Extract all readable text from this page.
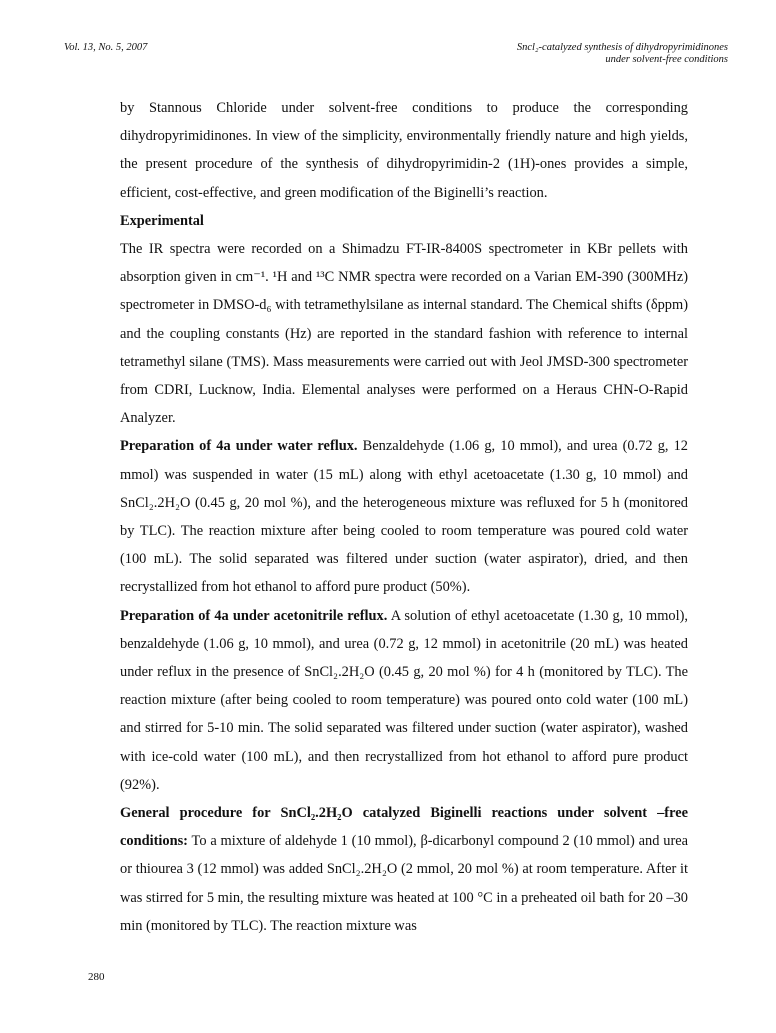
Vol. 13, No. 5, 2007	Sncl₂-catalyzed synthesis of dihydropyrimidinones
under solvent-free conditions

by Stannous Chloride under solvent-free conditions to produce the corresponding dihydropyrimidinones. In view of the simplicity, environmentally friendly nature and high yields, the present procedure of the synthesis of dihydropyrimidin-2 (1H)-ones provides a simple, efficient, cost-effective, and green modification of the Biginelli’s reaction.

Experimental

The IR spectra were recorded on a Shimadzu FT-IR-8400S spectrometer in KBr pellets with absorption given in cm⁻¹. ¹H and ¹³C NMR spectra were recorded on a Varian EM-390 (300MHz) spectrometer in DMSO-d₆ with tetramethylsilane as internal standard. The Chemical shifts (δppm) and the coupling constants (Hz) are reported in the standard fashion with reference to internal tetramethyl silane (TMS). Mass measurements were carried out with Jeol JMSD-300 spectrometer from CDRI, Lucknow, India. Elemental analyses were performed on a Heraus CHN-O-Rapid Analyzer.

Preparation of 4a under water reflux. Benzaldehyde (1.06 g, 10 mmol), and urea (0.72 g, 12 mmol) was suspended in water (15 mL) along with ethyl acetoacetate (1.30 g, 10 mmol) and SnCl₂.2H₂O (0.45 g, 20 mol %), and the heterogeneous mixture was refluxed for 5 h (monitored by TLC). The reaction mixture after being cooled to room temperature was poured cold water (100 mL). The solid separated was filtered under suction (water aspirator), dried, and then recrystallized from hot ethanol to afford pure product (50%).

Preparation of 4a under acetonitrile reflux. A solution of ethyl acetoacetate (1.30 g, 10 mmol), benzaldehyde (1.06 g, 10 mmol), and urea (0.72 g, 12 mmol) in acetonitrile (20 mL) was heated under reflux in the presence of SnCl₂.2H₂O (0.45 g, 20 mol %) for 4 h (monitored by TLC). The reaction mixture (after being cooled to room temperature) was poured onto cold water (100 mL) and stirred for 5-10 min. The solid separated was filtered under suction (water aspirator), washed with ice-cold water (100 mL), and then recrystallized from hot ethanol to afford pure product (92%).

General procedure for SnCl₂.2H₂O catalyzed Biginelli reactions under solvent –free conditions: To a mixture of aldehyde 1 (10 mmol), β-dicarbonyl compound 2 (10 mmol) and urea or thiourea 3 (12 mmol) was added SnCl₂.2H₂O (2 mmol, 20 mol %) at room temperature. After it was stirred for 5 min, the resulting mixture was heated at 100 °C in a preheated oil bath for 20 –30 min (monitored by TLC). The reaction mixture was

280
